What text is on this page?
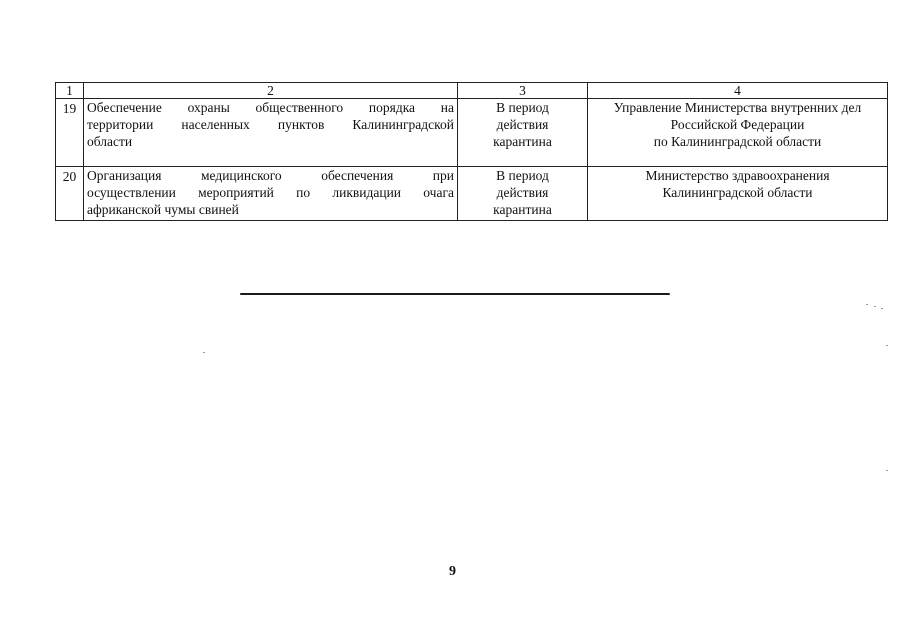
1	2	3	4
19	Обеспечение охраны общественного порядка на
территории населенных пунктов Калининградской
области	В период
действия
карантина	Управление Министерства внутренних дел
Российской Федерации
по Калининградской области

20	Организация медицинского обеспечения при
осуществлении мероприятий по ликвидации очага
африканской чумы свиней	В период
действия
карантина	Министерство здравоохранения
Калининградской области
9
